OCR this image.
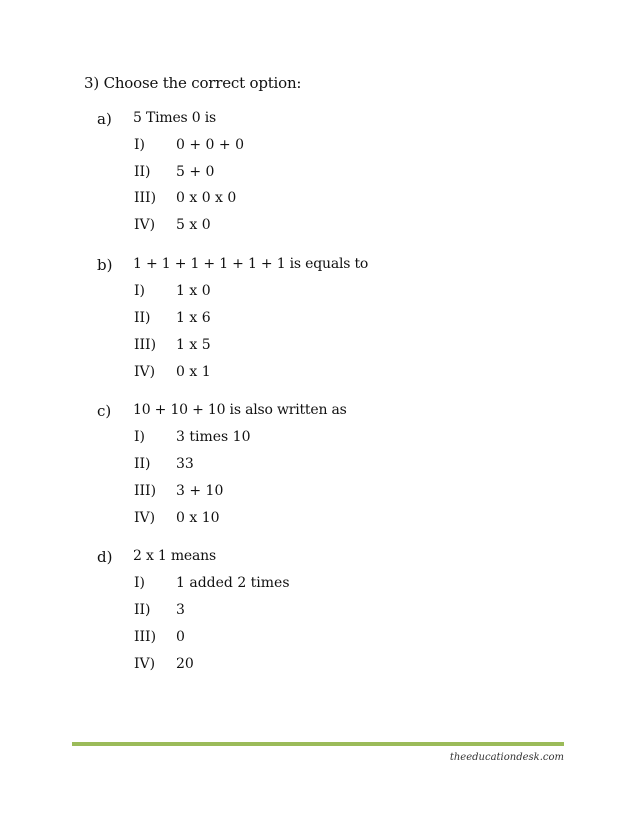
3) Choose the correct option:
a) 5 Times 0 is
I) 0 + 0 + 0
II) 5 + 0
III) 0 x 0 x 0
IV) 5 x 0
b) 1 + 1 + 1 + 1 + 1 + 1 is equals to
I) 1 x 0
II) 1 x 6
III) 1 x 5
IV) 0 x 1
c) 10 + 10 + 10 is also written as
I) 3 times 10
II) 33
III) 3 + 10
IV) 0 x 10
d) 2 x 1 means
I) 1 added 2 times
II) 3
III) 0
IV) 20
theeducationdesk.com
